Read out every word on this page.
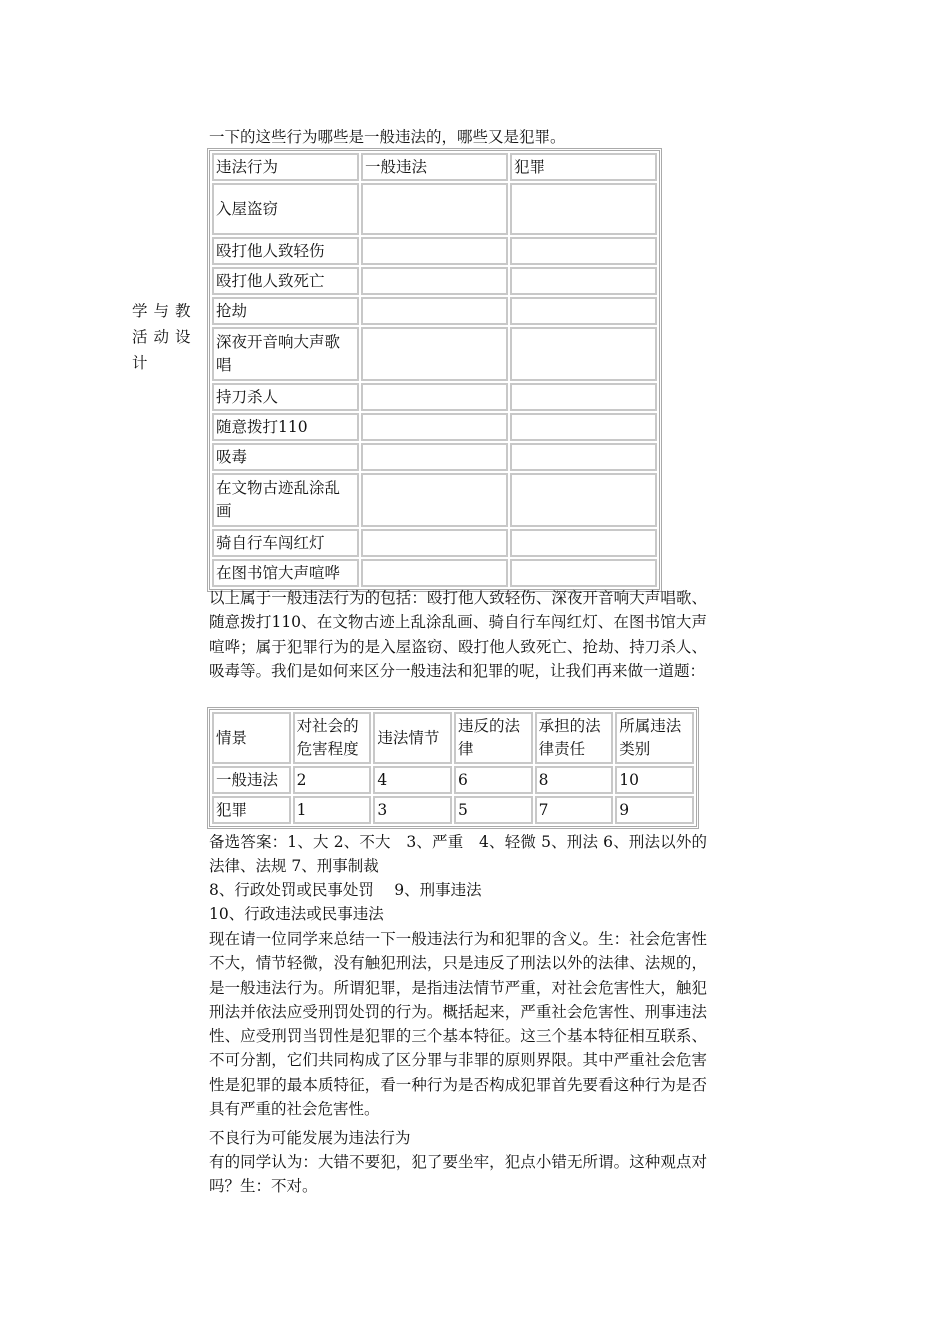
学与教活动设计
一下的这些行为哪些是一般违法的，哪些又是犯罪。
违法行为	一般违法	犯罪
入屋盗窃		
殴打他人致轻伤		
殴打他人致死亡		
抢劫		
深夜开音响大声歌唱		
持刀杀人		
随意拨打110		
吸毒		
在文物古迹乱涂乱画		
骑自行车闯红灯		
在图书馆大声喧哗		
以上属于一般违法行为的包括：殴打他人致轻伤、深夜开音响大声唱歌、随意拨打110、在文物古迹上乱涂乱画、骑自行车闯红灯、在图书馆大声喧哗；属于犯罪行为的是入屋盗窃、殴打他人致死亡、抢劫、持刀杀人、吸毒等。我们是如何来区分一般违法和犯罪的呢，让我们再来做一道题：
情景	对社会的危害程度	违法情节	违反的法律	承担的法律责任	所属违法类别
一般违法	2	4	6	8	10
犯罪	1	3	5	7	9
备选答案：1、大 2、不大　3、严重　4、轻微 5、刑法 6、刑法以外的法律、法规 7、刑事制裁
8、行政处罚或民事处罚　 9、刑事违法
10、行政违法或民事违法
现在请一位同学来总结一下一般违法行为和犯罪的含义。生：社会危害性不大，情节轻微，没有触犯刑法，只是违反了刑法以外的法律、法规的，是一般违法行为。所谓犯罪，是指违法情节严重，对社会危害性大，触犯刑法并依法应受刑罚处罚的行为。概括起来，严重社会危害性、刑事违法性、应受刑罚当罚性是犯罪的三个基本特征。这三个基本特征相互联系、不可分割，它们共同构成了区分罪与非罪的原则界限。其中严重社会危害性是犯罪的最本质特征，看一种行为是否构成犯罪首先要看这种行为是否具有严重的社会危害性。
不良行为可能发展为违法行为
有的同学认为：大错不要犯，犯了要坐牢，犯点小错无所谓。这种观点对吗？生：不对。
